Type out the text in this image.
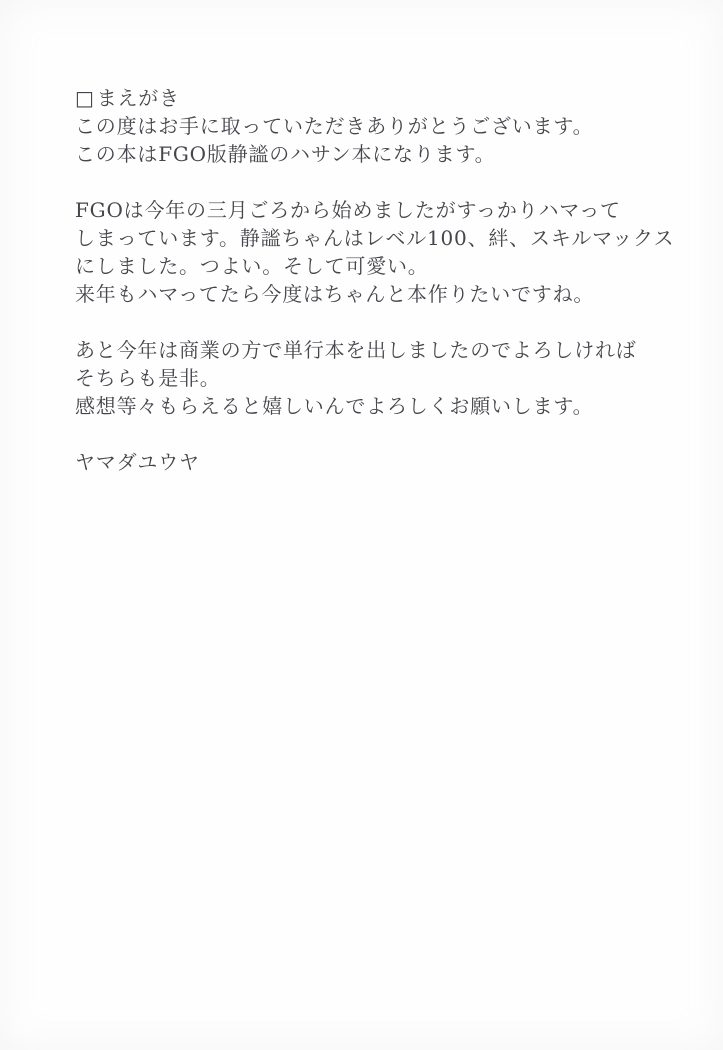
□ まえがき

この度はお手に取っていただきありがとうございます。

この本はFGO版静謐のハサン本になります。

FGOは今年の三月ごろから始めましたがすっかりハマって

しまっています。静謐ちゃんはレベル100、絆、スキルマックス

にしました。つよい。そして可愛い。

来年もハマってたら今度はちゃんと本作りたいですね。

あと今年は商業の方で単行本を出しましたのでよろしければ

そちらも是非。

感想等々もらえると嬉しいんでよろしくお願いします。

ヤマダユウヤ
